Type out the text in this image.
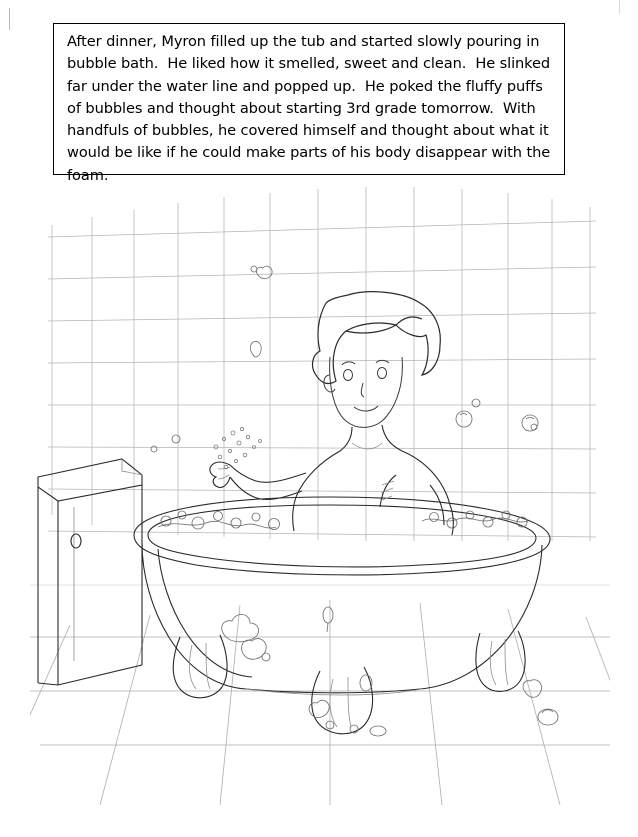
After dinner, Myron filled up the tub and started slowly pouring in bubble bath.  He liked how it smelled, sweet and clean.  He slinked far under the water line and popped up.  He poked the fluffy puffs of bubbles and thought about starting 3rd grade tomorrow.  With handfuls of bubbles, he covered himself and thought about what it would be like if he could make parts of his body disappear with the foam.
